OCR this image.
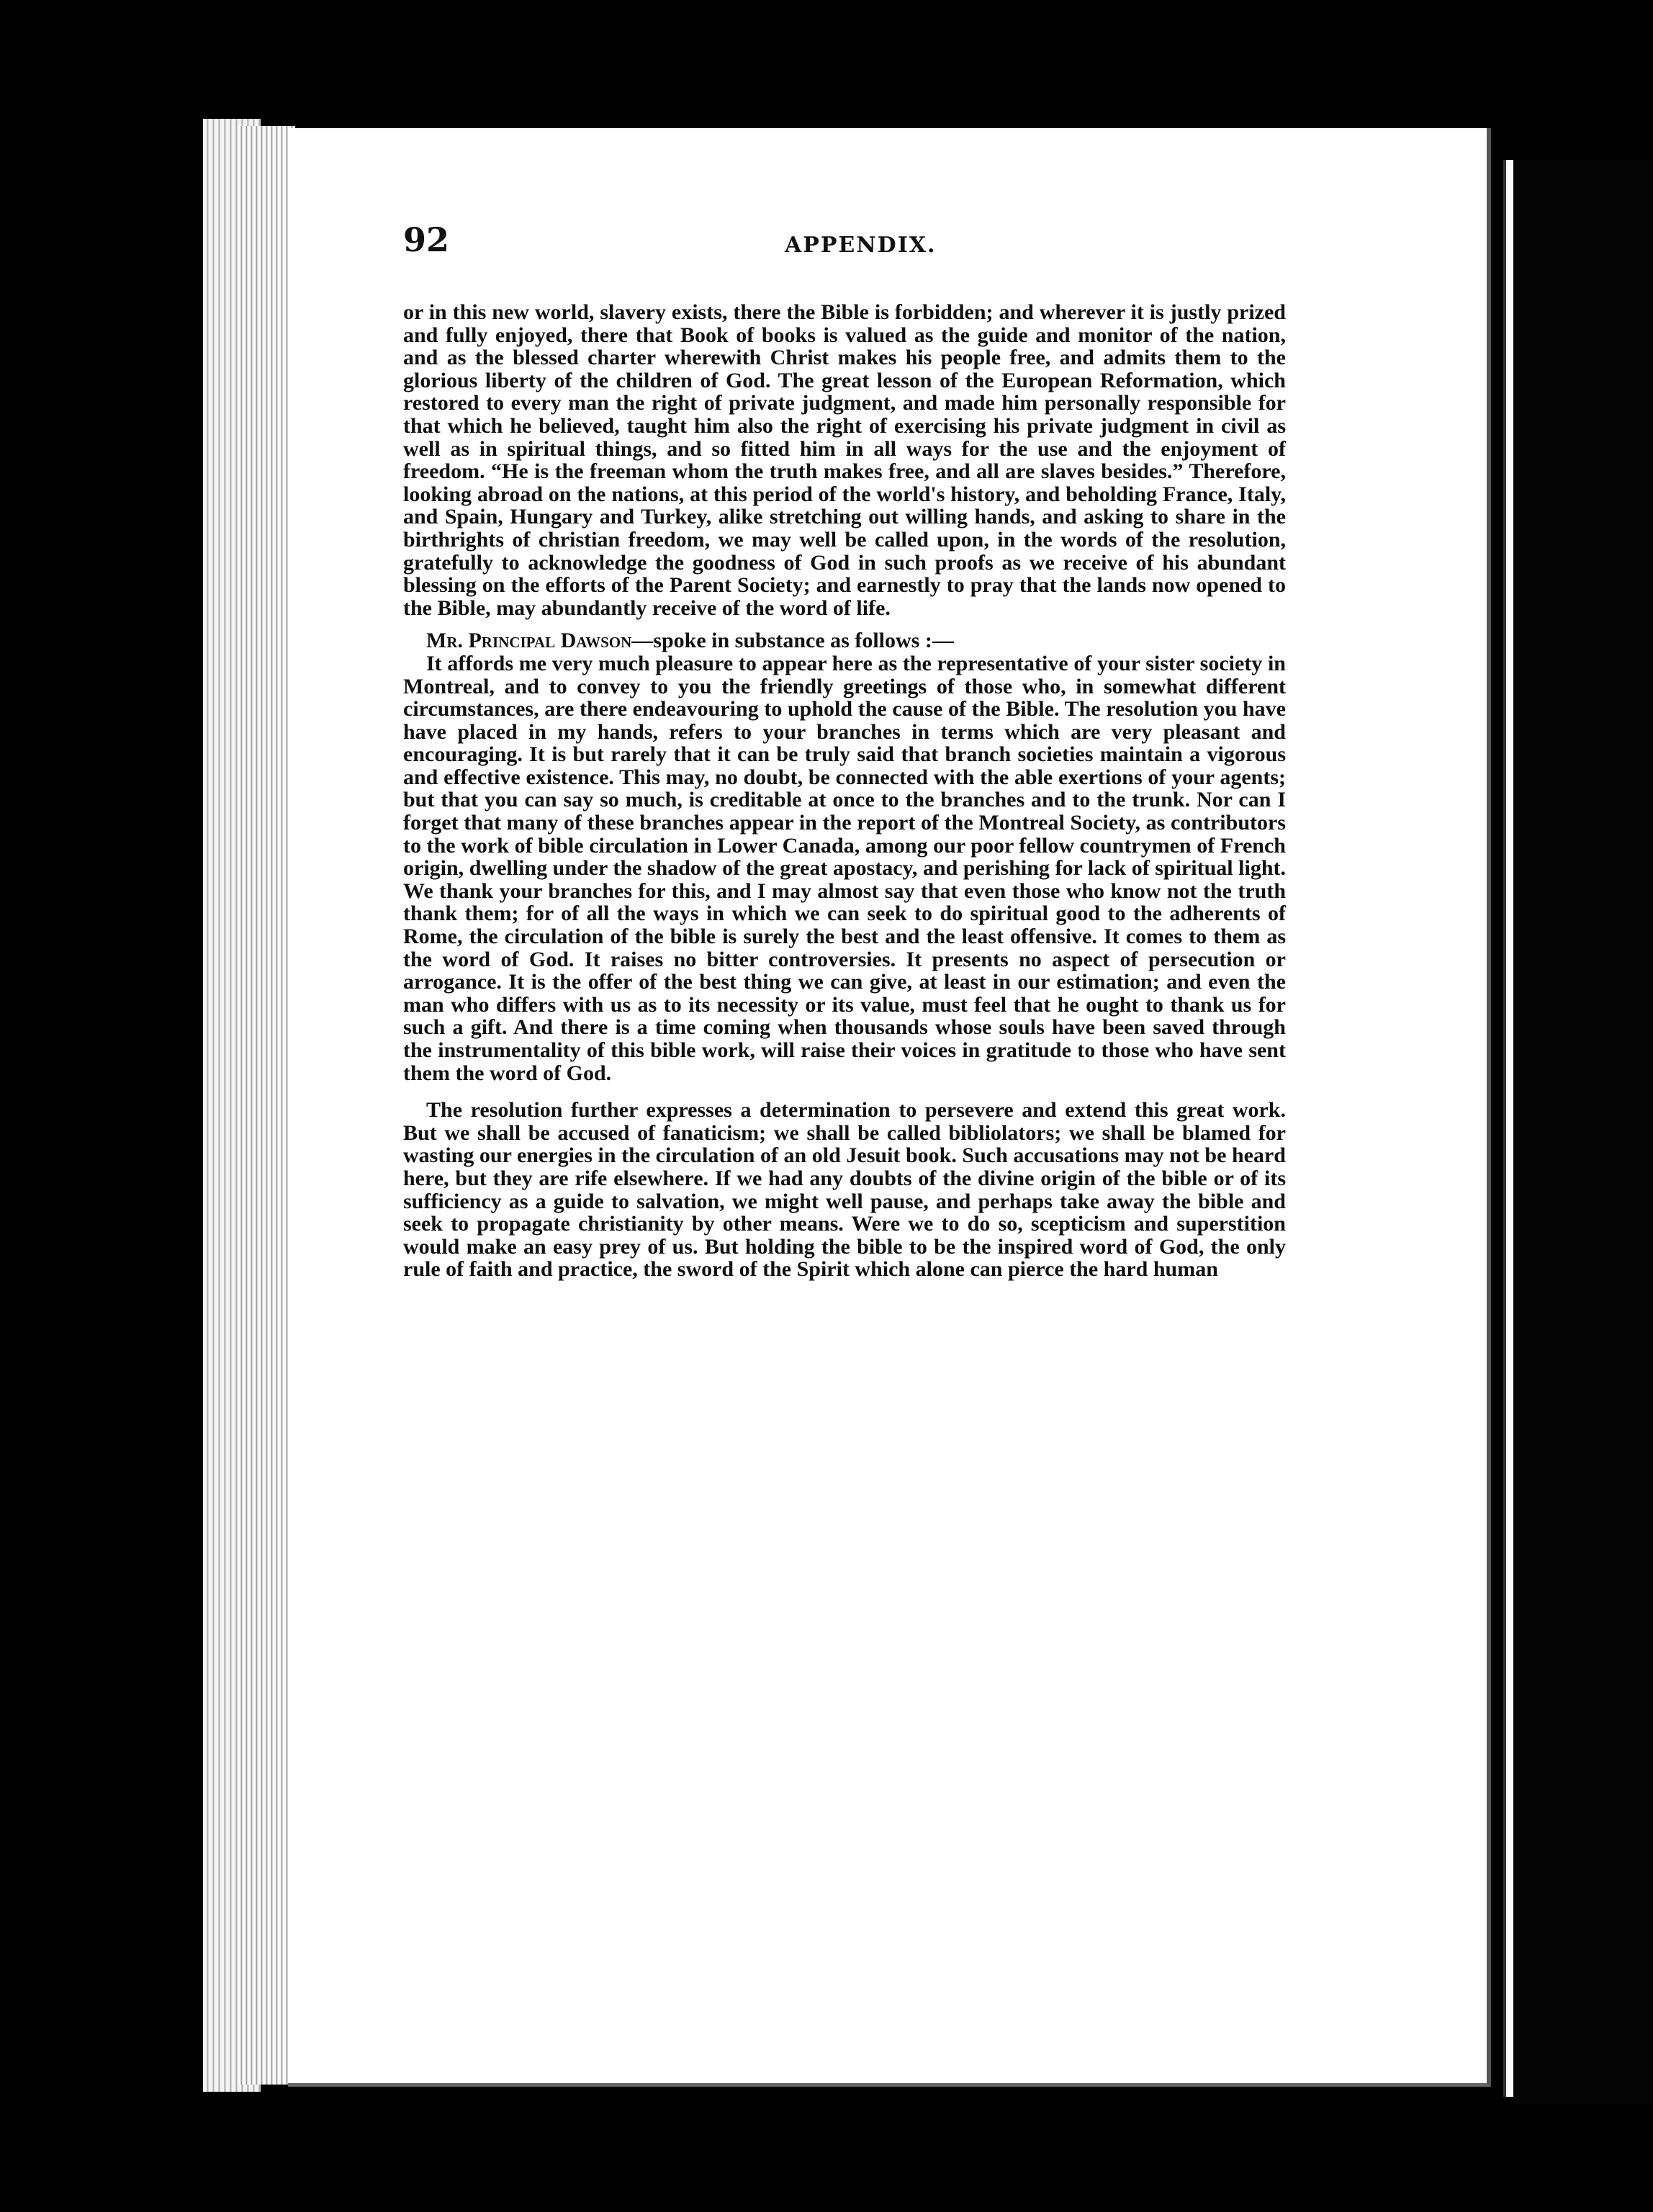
92	APPENDIX.

or in this new world, slavery exists, there the Bible is forbidden; and wherever it is justly prized and fully enjoyed, there that Book of books is valued as the guide and monitor of the nation, and as the blessed charter wherewith Christ makes his people free, and admits them to the glorious liberty of the children of God. The great lesson of the European Reformation, which restored to every man the right of private judgment, and made him personally responsible for that which he believed, taught him also the right of exercising his private judgment in civil as well as in spiritual things, and so fitted him in all ways for the use and the enjoyment of freedom. “He is the freeman whom the truth makes free, and all are slaves besides.” Therefore, looking abroad on the nations, at this period of the world's history, and beholding France, Italy, and Spain, Hungary and Turkey, alike stretching out willing hands, and asking to share in the birthrights of christian freedom, we may well be called upon, in the words of the resolution, gratefully to acknowledge the goodness of God in such proofs as we receive of his abundant blessing on the efforts of the Parent Society; and earnestly to pray that the lands now opened to the Bible, may abundantly receive of the word of life.

Mr. Principal Dawson—spoke in substance as follows :—

It affords me very much pleasure to appear here as the representative of your sister society in Montreal, and to convey to you the friendly greetings of those who, in somewhat different circumstances, are there endeavouring to uphold the cause of the Bible. The resolution you have have placed in my hands, refers to your branches in terms which are very pleasant and encouraging. It is but rarely that it can be truly said that branch societies maintain a vigorous and effective existence. This may, no doubt, be connected with the able exertions of your agents; but that you can say so much, is creditable at once to the branches and to the trunk. Nor can I forget that many of these branches appear in the report of the Montreal Society, as contributors to the work of bible circulation in Lower Canada, among our poor fellow countrymen of French origin, dwelling under the shadow of the great apostacy, and perishing for lack of spiritual light. We thank your branches for this, and I may almost say that even those who know not the truth thank them; for of all the ways in which we can seek to do spiritual good to the adherents of Rome, the circulation of the bible is surely the best and the least offensive. It comes to them as the word of God. It raises no bitter controversies. It presents no aspect of persecution or arrogance. It is the offer of the best thing we can give, at least in our estimation; and even the man who differs with us as to its necessity or its value, must feel that he ought to thank us for such a gift. And there is a time coming when thousands whose souls have been saved through the instrumentality of this bible work, will raise their voices in gratitude to those who have sent them the word of God.

The resolution further expresses a determination to persevere and extend this great work. But we shall be accused of fanaticism; we shall be called bibliolators; we shall be blamed for wasting our energies in the circulation of an old Jesuit book. Such accusations may not be heard here, but they are rife elsewhere. If we had any doubts of the divine origin of the bible or of its sufficiency as a guide to salvation, we might well pause, and perhaps take away the bible and seek to propagate christianity by other means. Were we to do so, scepticism and superstition would make an easy prey of us. But holding the bible to be the inspired word of God, the only rule of faith and practice, the sword of the Spirit which alone can pierce the hard human
